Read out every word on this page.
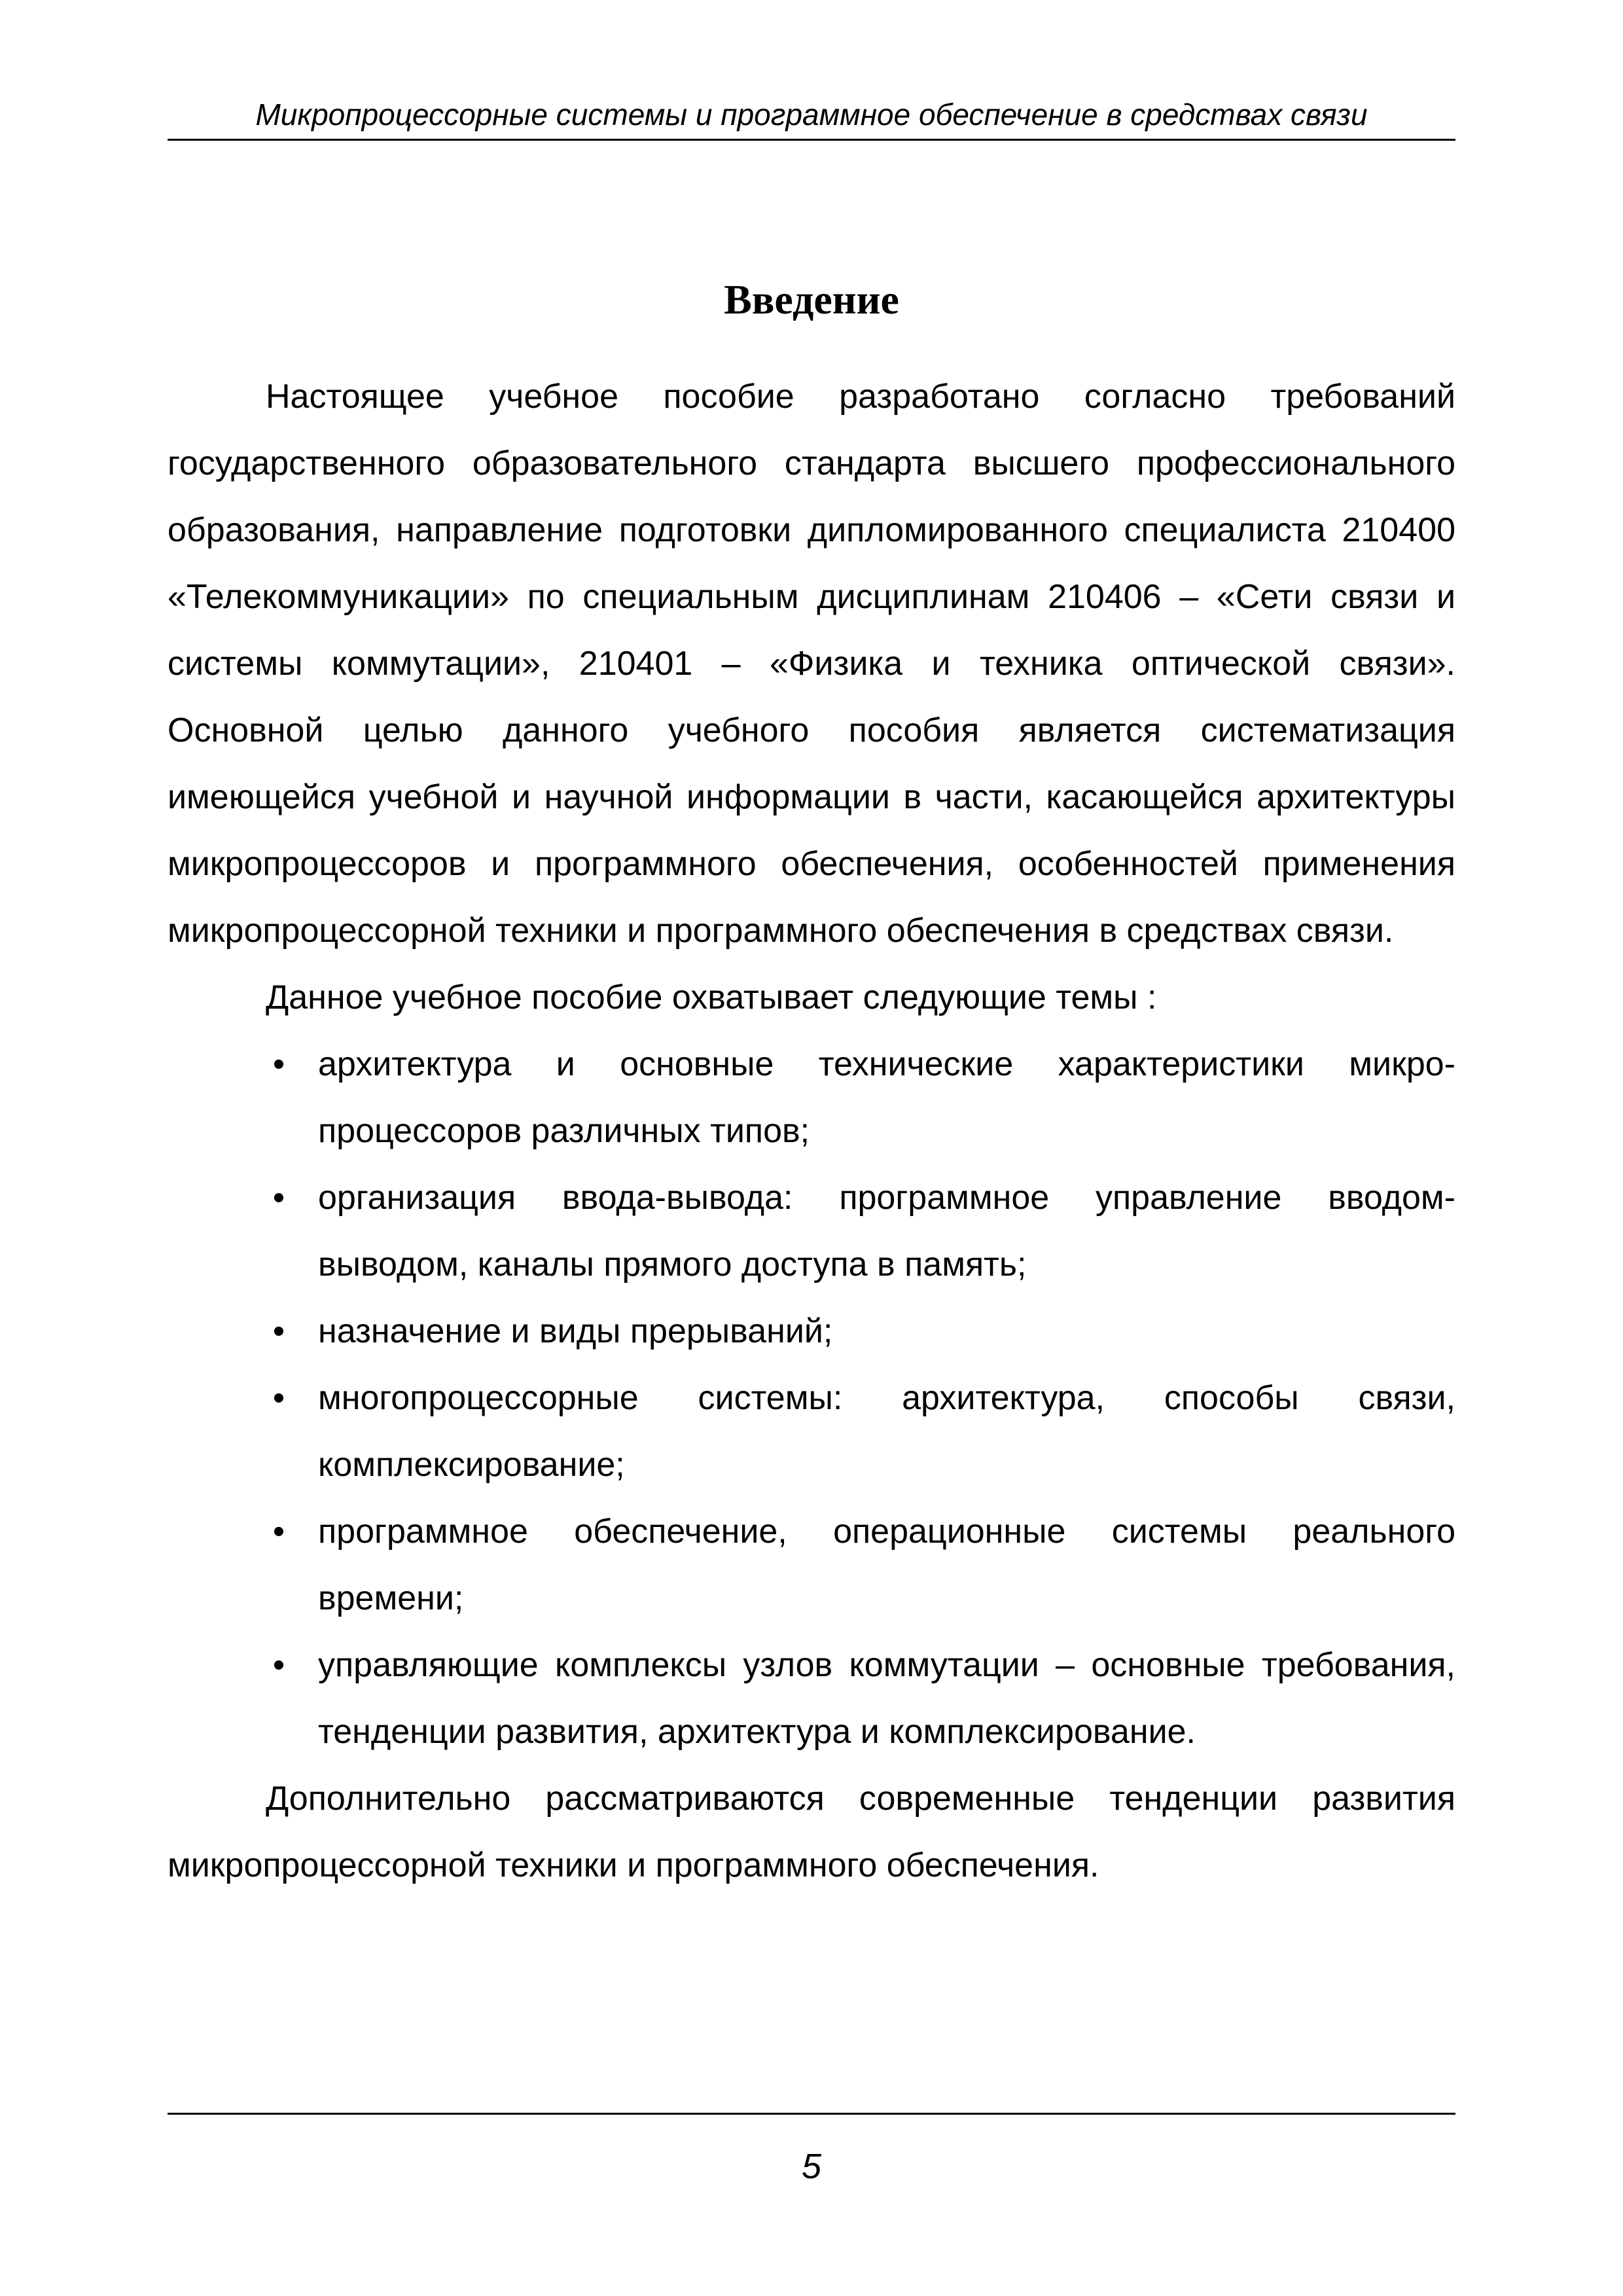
Микропроцессорные системы и программное обеспечение в средствах связи
Введение

Настоящее учебное пособие разработано согласно требований государственного образовательного стандарта высшего профессионального образования, направление подготовки дипломированного специалиста 210400 «Телекоммуникации» по специальным дисциплинам 210406 – «Сети связи и системы коммутации», 210401 – «Физика и техника оптической связи». Основной целью данного учебного пособия является систематизация имеющейся учебной и научной информации в части, касающейся архитектуры микропроцессоров и программного обеспечения, особенностей применения микропроцессорной техники и программного обеспечения в средствах связи.

Данное учебное пособие охватывает следующие темы :

• архитектура и основные технические характеристики микропроцессоров различных типов;
• организация ввода-вывода: программное управление вводом-выводом, каналы прямого доступа в память;
• назначение и виды прерываний;
• многопроцессорные системы: архитектура, способы связи, комплексирование;
• программное обеспечение, операционные системы реального времени;
• управляющие комплексы узлов коммутации – основные требования, тенденции развития, архитектура и комплексирование.

Дополнительно рассматриваются современные тенденции развития микропроцессорной техники и программного обеспечения.

5
